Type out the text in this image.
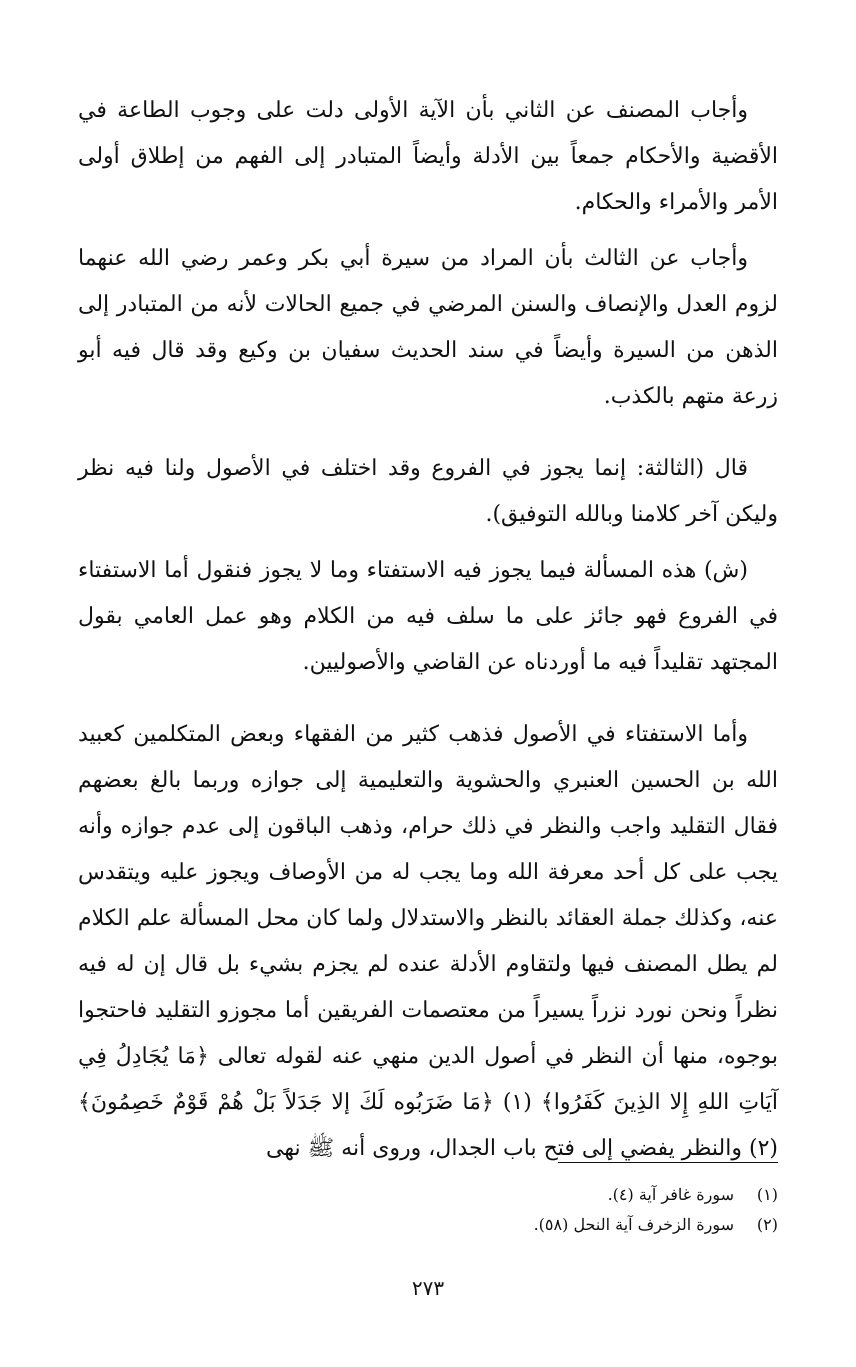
وأجاب المصنف عن الثاني بأن الآية الأولى دلت على وجوب الطاعة في الأقضية والأحكام جمعاً بين الأدلة وأيضاً المتبادر إلى الفهم من إطلاق أولى الأمر والأمراء والحكام.

وأجاب عن الثالث بأن المراد من سيرة أبي بكر وعمر رضي الله عنهما لزوم العدل والإنصاف والسنن المرضي في جميع الحالات لأنه من المتبادر إلى الذهن من السيرة وأيضاً في سند الحديث سفيان بن وكيع وقد قال فيه أبو زرعة متهم بالكذب.

قال (الثالثة: إنما يجوز في الفروع وقد اختلف في الأصول ولنا فيه نظر وليكن آخر كلامنا وبالله التوفيق).

(ش) هذه المسألة فيما يجوز فيه الاستفتاء وما لا يجوز فنقول أما الاستفتاء في الفروع فهو جائز على ما سلف فيه من الكلام وهو عمل العامي بقول المجتهد تقليداً فيه ما أوردناه عن القاضي والأصوليين.

وأما الاستفتاء في الأصول فذهب كثير من الفقهاء وبعض المتكلمين كعبيد الله بن الحسين العنبري والحشوية والتعليمية إلى جوازه وربما بالغ بعضهم فقال التقليد واجب والنظر في ذلك حرام، وذهب الباقون إلى عدم جوازه وأنه يجب على كل أحد معرفة الله وما يجب له من الأوصاف ويجوز عليه ويتقدس عنه، وكذلك جملة العقائد بالنظر والاستدلال ولما كان محل المسألة علم الكلام لم يطل المصنف فيها ولتقاوم الأدلة عنده لم يجزم بشيء بل قال إن له فيه نظراً ونحن نورد نزراً يسيراً من معتصمات الفريقين أما مجوزو التقليد فاحتجوا بوجوه، منها أن النظر في أصول الدين منهي عنه لقوله تعالى ﴿مَا يُجَادِلُ فِي آيَاتِ اللهِ إِلا الذِينَ كَفَرُوا﴾ (١) ﴿مَا ضَرَبُوه لَكَ إلا جَدَلاً بَلْ هُمْ قَوْمٌ خَصِمُونَ﴾ (٢) والنظر يفضي إلى فتح باب الجدال، وروى أنه ﷺ نهى

(١)
سورة غافر آية (٤).

(٢)
سورة الزخرف آية النحل (٥٨).

٢٧٣
